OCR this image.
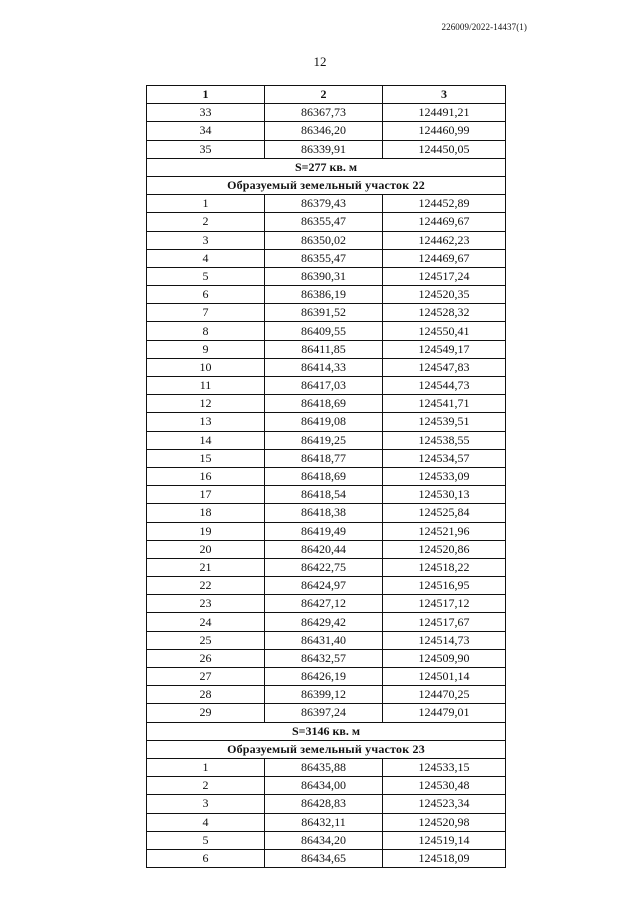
226009/2022-14437(1)
12
1	2	3
33	86367,73	124491,21
34	86346,20	124460,99
35	86339,91	124450,05
S=277 кв. м		
Образуемый земельный участок 22		
1	86379,43	124452,89
2	86355,47	124469,67
3	86350,02	124462,23
4	86355,47	124469,67
5	86390,31	124517,24
6	86386,19	124520,35
7	86391,52	124528,32
8	86409,55	124550,41
9	86411,85	124549,17
10	86414,33	124547,83
11	86417,03	124544,73
12	86418,69	124541,71
13	86419,08	124539,51
14	86419,25	124538,55
15	86418,77	124534,57
16	86418,69	124533,09
17	86418,54	124530,13
18	86418,38	124525,84
19	86419,49	124521,96
20	86420,44	124520,86
21	86422,75	124518,22
22	86424,97	124516,95
23	86427,12	124517,12
24	86429,42	124517,67
25	86431,40	124514,73
26	86432,57	124509,90
27	86426,19	124501,14
28	86399,12	124470,25
29	86397,24	124479,01
S=3146 кв. м		
Образуемый земельный участок 23		
1	86435,88	124533,15
2	86434,00	124530,48
3	86428,83	124523,34
4	86432,11	124520,98
5	86434,20	124519,14
6	86434,65	124518,09
